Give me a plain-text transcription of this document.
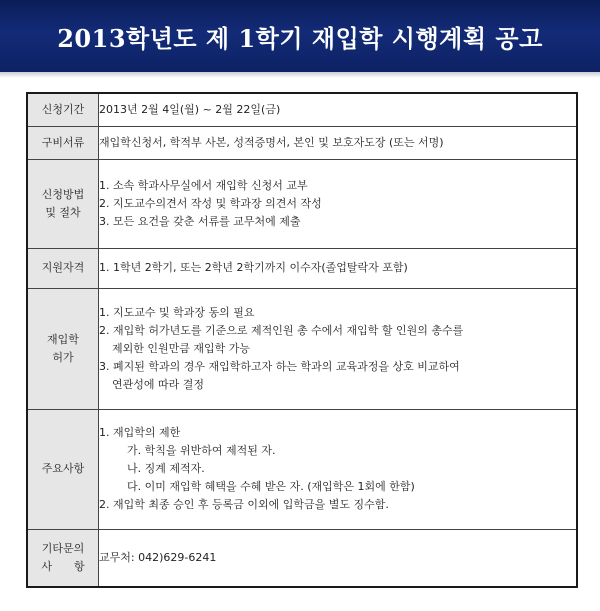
2013학년도 제 1학기 재입학 시행계획 공고
신청기간	2013년 2월 4일(월) ~ 2월 22일(금)

구비서류	재입학신청서, 학적부 사본, 성적증명서, 본인 및 보호자도장 (또는 서명)

신청방법
및 절차	1. 소속 학과사무실에서 재입학 신청서 교부
2. 지도교수의견서 작성 및 학과장 의견서 작성
3. 모든 요건을 갖춘 서류를 교무처에 제출

지원자격	1. 1학년 2학기, 또는 2학년 2학기까지 이수자(졸업탈락자 포함)

재입학
허가	1. 지도교수 및 학과장 동의 필요
2. 재입학 허가년도를 기준으로 제적인원 총 수에서 재입학 할 인원의 총수를
제외한 인원만큼 재입학 가능
3. 폐지된 학과의 경우 재입학하고자 하는 학과의 교육과정을 상호 비교하여
연관성에 따라 결정

주요사항	1. 재입학의 제한
가. 학칙을 위반하여 제적된 자.
나. 징계 제적자.
다. 이미 재입학 혜택을 수혜 받은 자. (재입학은 1회에 한함)
2. 재입학 최종 승인 후 등록금 이외에 입학금을 별도 징수함.

기타문의
사　　항	교무처: 042)629-6241
